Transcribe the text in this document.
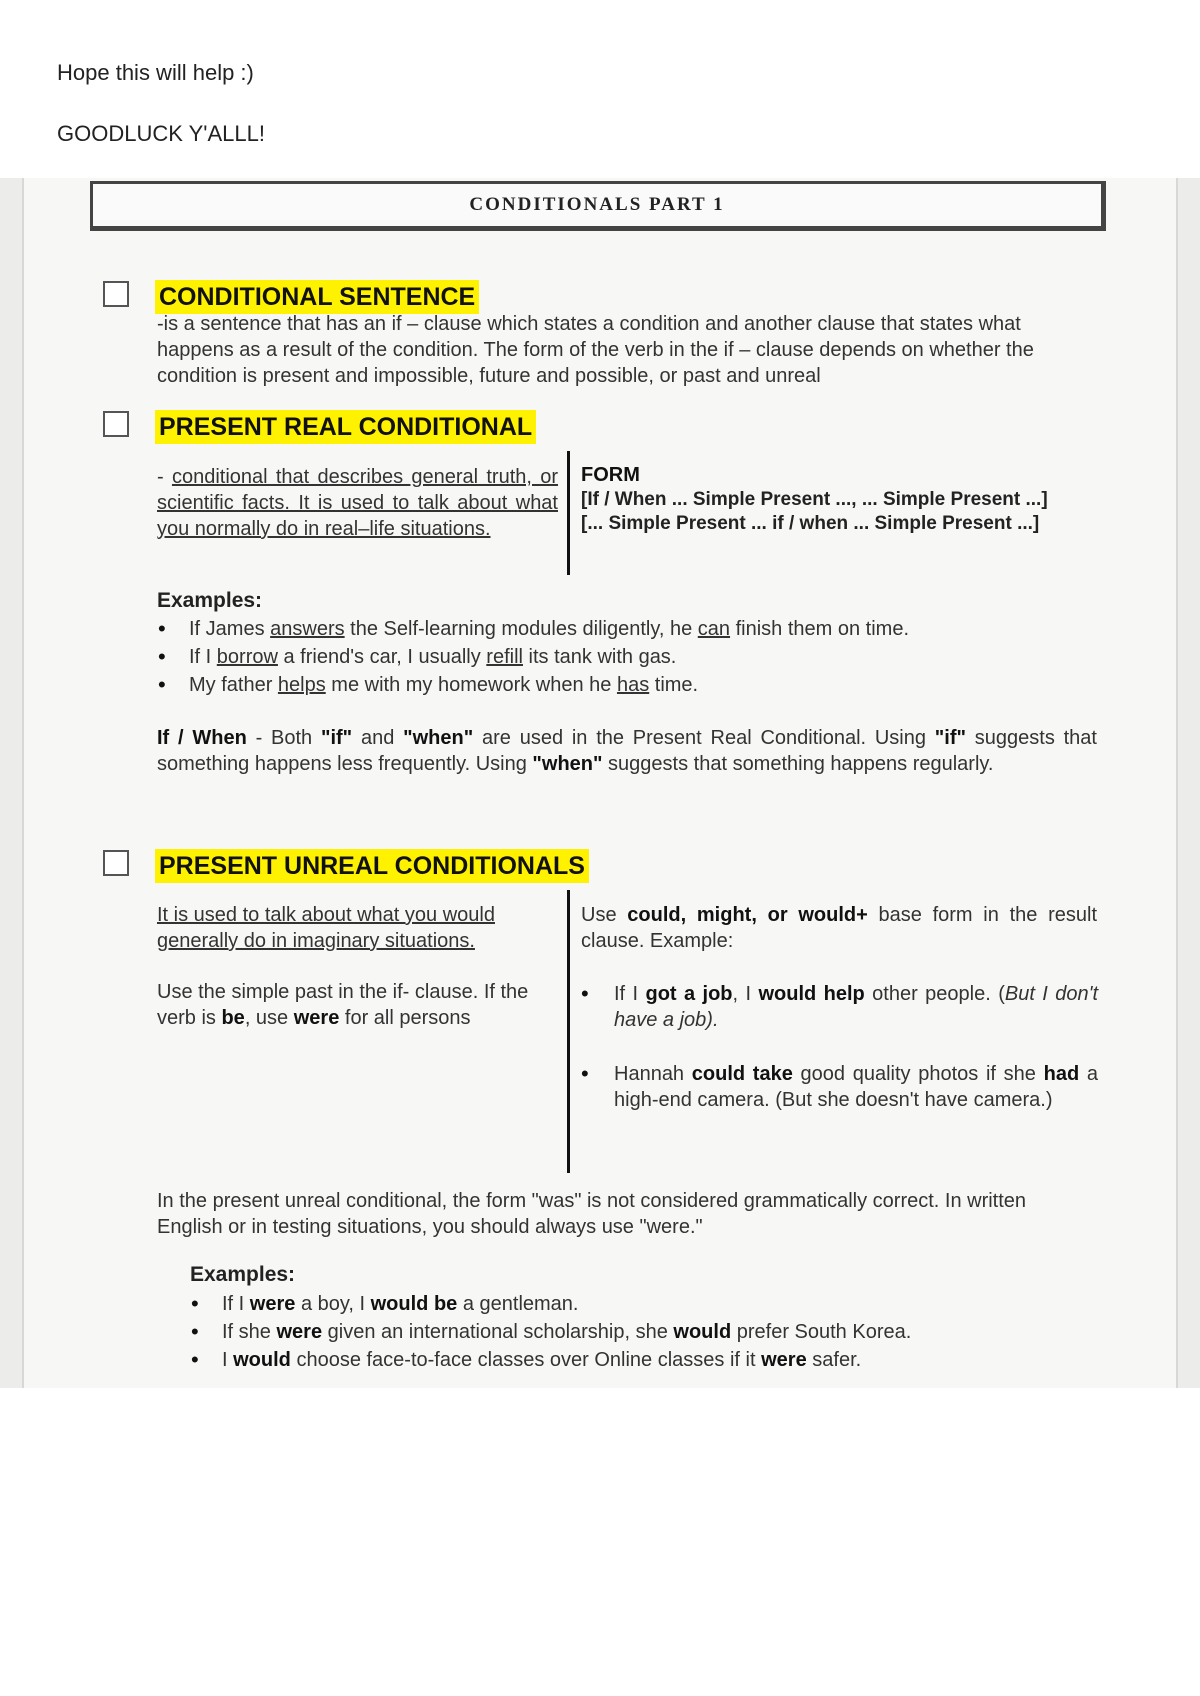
Hope this will help :)
GOODLUCK Y'ALLL!
CONDITIONALS PART 1
CONDITIONAL SENTENCE
-is a sentence that has an if – clause which states a condition and another clause that states what happens as a result of the condition. The form of the verb in the if – clause depends on whether the condition is present and impossible, future and possible, or past and unreal
PRESENT REAL CONDITIONAL
- conditional that describes general truth, or scientific facts. It is used to talk about what you normally do in real–life situations.
FORM
[If / When ... Simple Present ..., ... Simple Present ...]
[... Simple Present ... if / when ... Simple Present ...]
Examples:
• If James answers the Self-learning modules diligently, he can finish them on time.
• If I borrow a friend's car, I usually refill its tank with gas.
• My father helps me with my homework when he has time.
If / When - Both "if" and "when" are used in the Present Real Conditional. Using "if" suggests that something happens less frequently. Using "when" suggests that something happens regularly.
PRESENT UNREAL CONDITIONALS
It is used to talk about what you would generally do in imaginary situations.
Use the simple past in the if- clause. If the verb is be, use were for all persons
Use could, might, or would+ base form in the result clause. Example:
• If I got a job, I would help other people. (But I don't have a job).
• Hannah could take good quality photos if she had a high-end camera. (But she doesn't have camera.)
In the present unreal conditional, the form "was" is not considered grammatically correct. In written English or in testing situations, you should always use "were."
Examples:
• If I were a boy, I would be a gentleman.
• If she were given an international scholarship, she would prefer South Korea.
• I would choose face-to-face classes over Online classes if it were safer.
